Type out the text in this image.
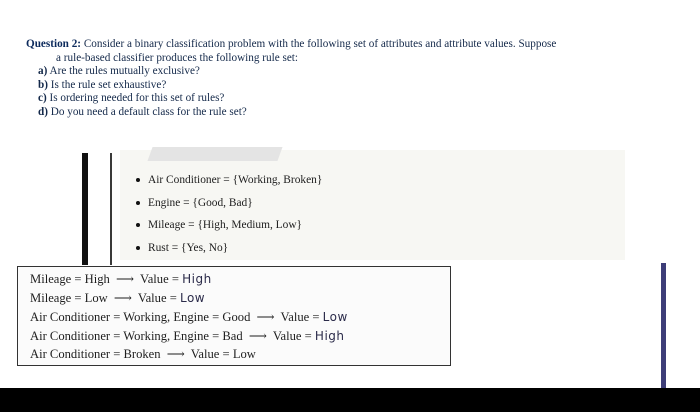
Question 2: Consider a binary classification problem with the following set of attributes and attribute values. Suppose
a rule-based classifier produces the following rule set:
a) Are the rules mutually exclusive?
b) Is the rule set exhaustive?
c) Is ordering needed for this set of rules?
d) Do you need a default class for the rule set?
Air Conditioner = {Working, Broken}
Engine = {Good, Bad}
Mileage = {High, Medium, Low}
Rust = {Yes, No}
Mileage = High ⟶ Value = High
Mileage = Low ⟶ Value = Low
Air Conditioner = Working, Engine = Good ⟶ Value = Low
Air Conditioner = Working, Engine = Bad ⟶ Value = High
Air Conditioner = Broken ⟶ Value = Low
